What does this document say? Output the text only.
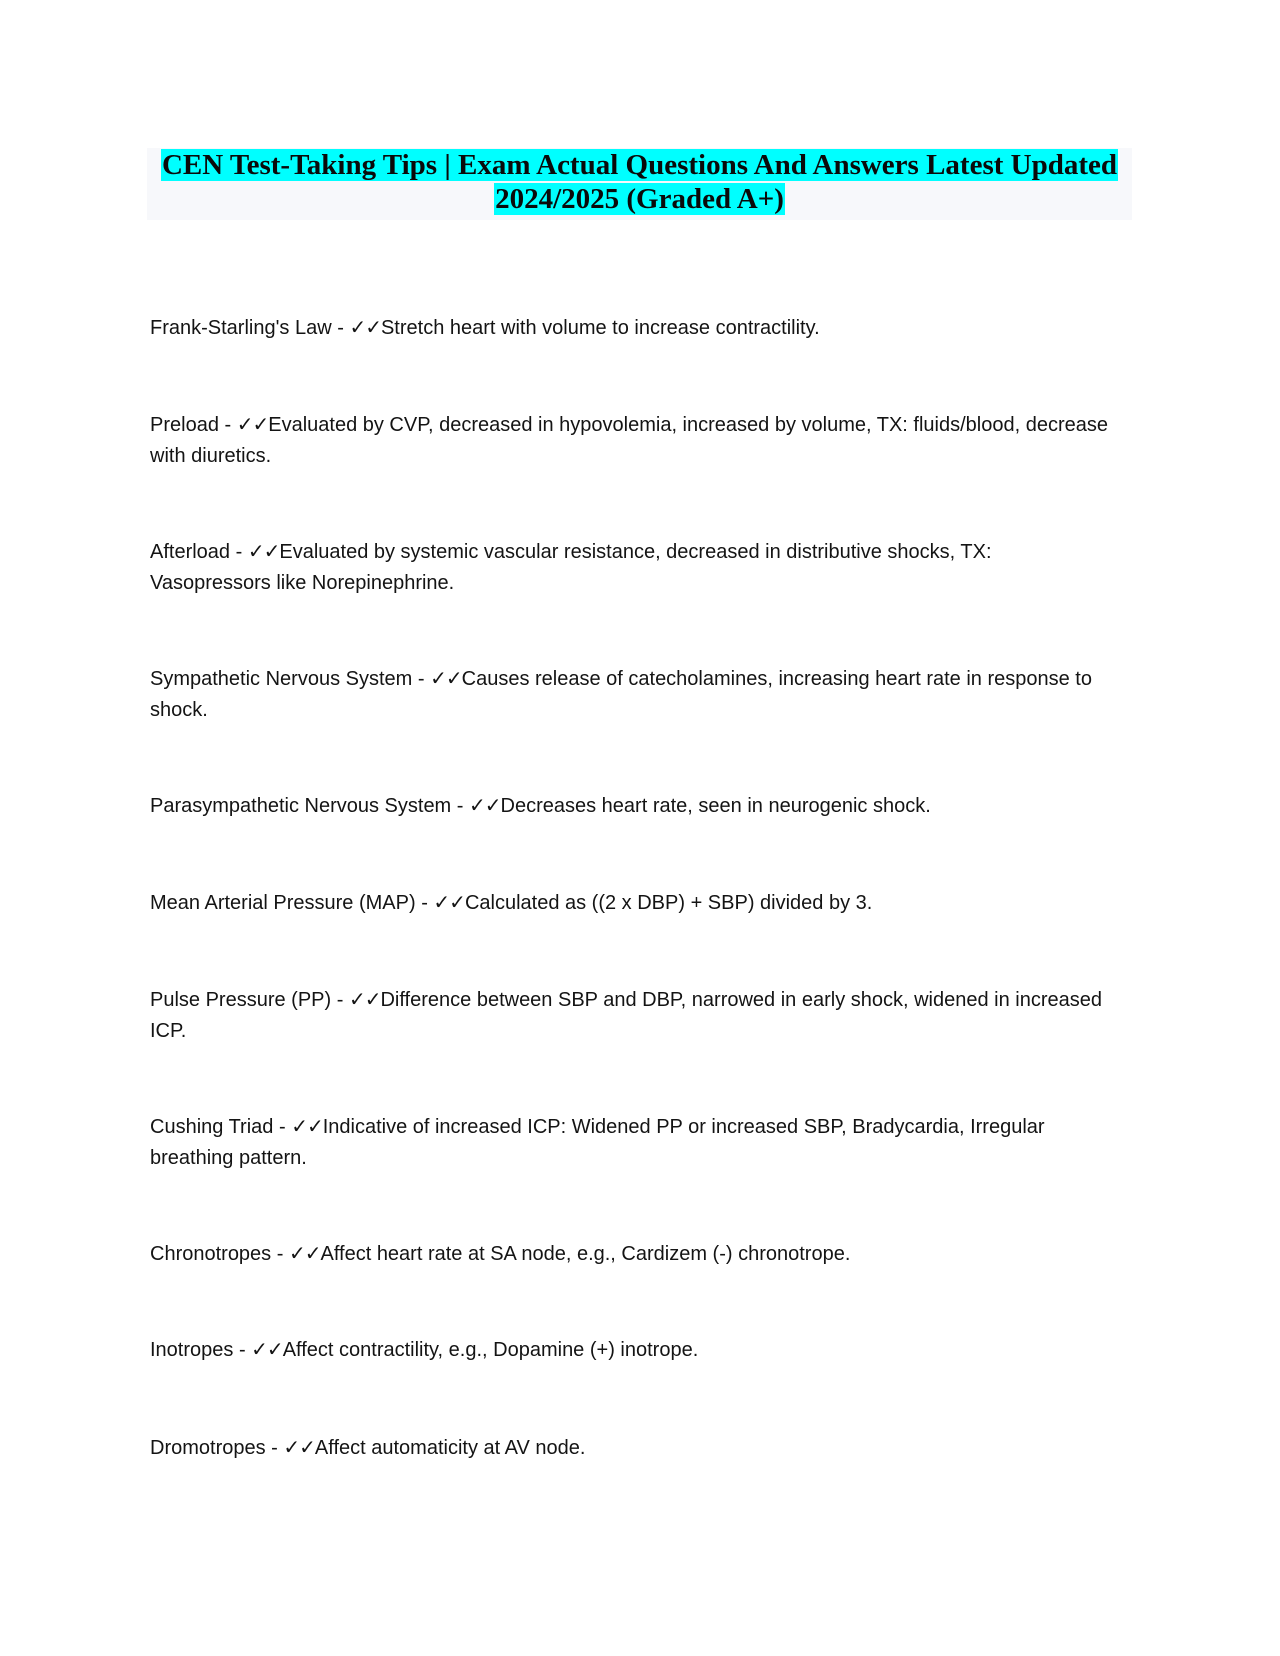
CEN Test-Taking Tips | Exam Actual Questions And Answers Latest Updated
2024/2025 (Graded A+)

Frank-Starling's Law - ✓✓Stretch heart with volume to increase contractility.

Preload - ✓✓Evaluated by CVP, decreased in hypovolemia, increased by volume, TX: fluids/blood, decrease with diuretics.

Afterload - ✓✓Evaluated by systemic vascular resistance, decreased in distributive shocks, TX: Vasopressors like Norepinephrine.

Sympathetic Nervous System - ✓✓Causes release of catecholamines, increasing heart rate in response to shock.

Parasympathetic Nervous System - ✓✓Decreases heart rate, seen in neurogenic shock.

Mean Arterial Pressure (MAP) - ✓✓Calculated as ((2 x DBP) + SBP) divided by 3.

Pulse Pressure (PP) - ✓✓Difference between SBP and DBP, narrowed in early shock, widened in increased ICP.

Cushing Triad - ✓✓Indicative of increased ICP: Widened PP or increased SBP, Bradycardia, Irregular breathing pattern.

Chronotropes - ✓✓Affect heart rate at SA node, e.g., Cardizem (-) chronotrope.

Inotropes - ✓✓Affect contractility, e.g., Dopamine (+) inotrope.

Dromotropes - ✓✓Affect automaticity at AV node.
